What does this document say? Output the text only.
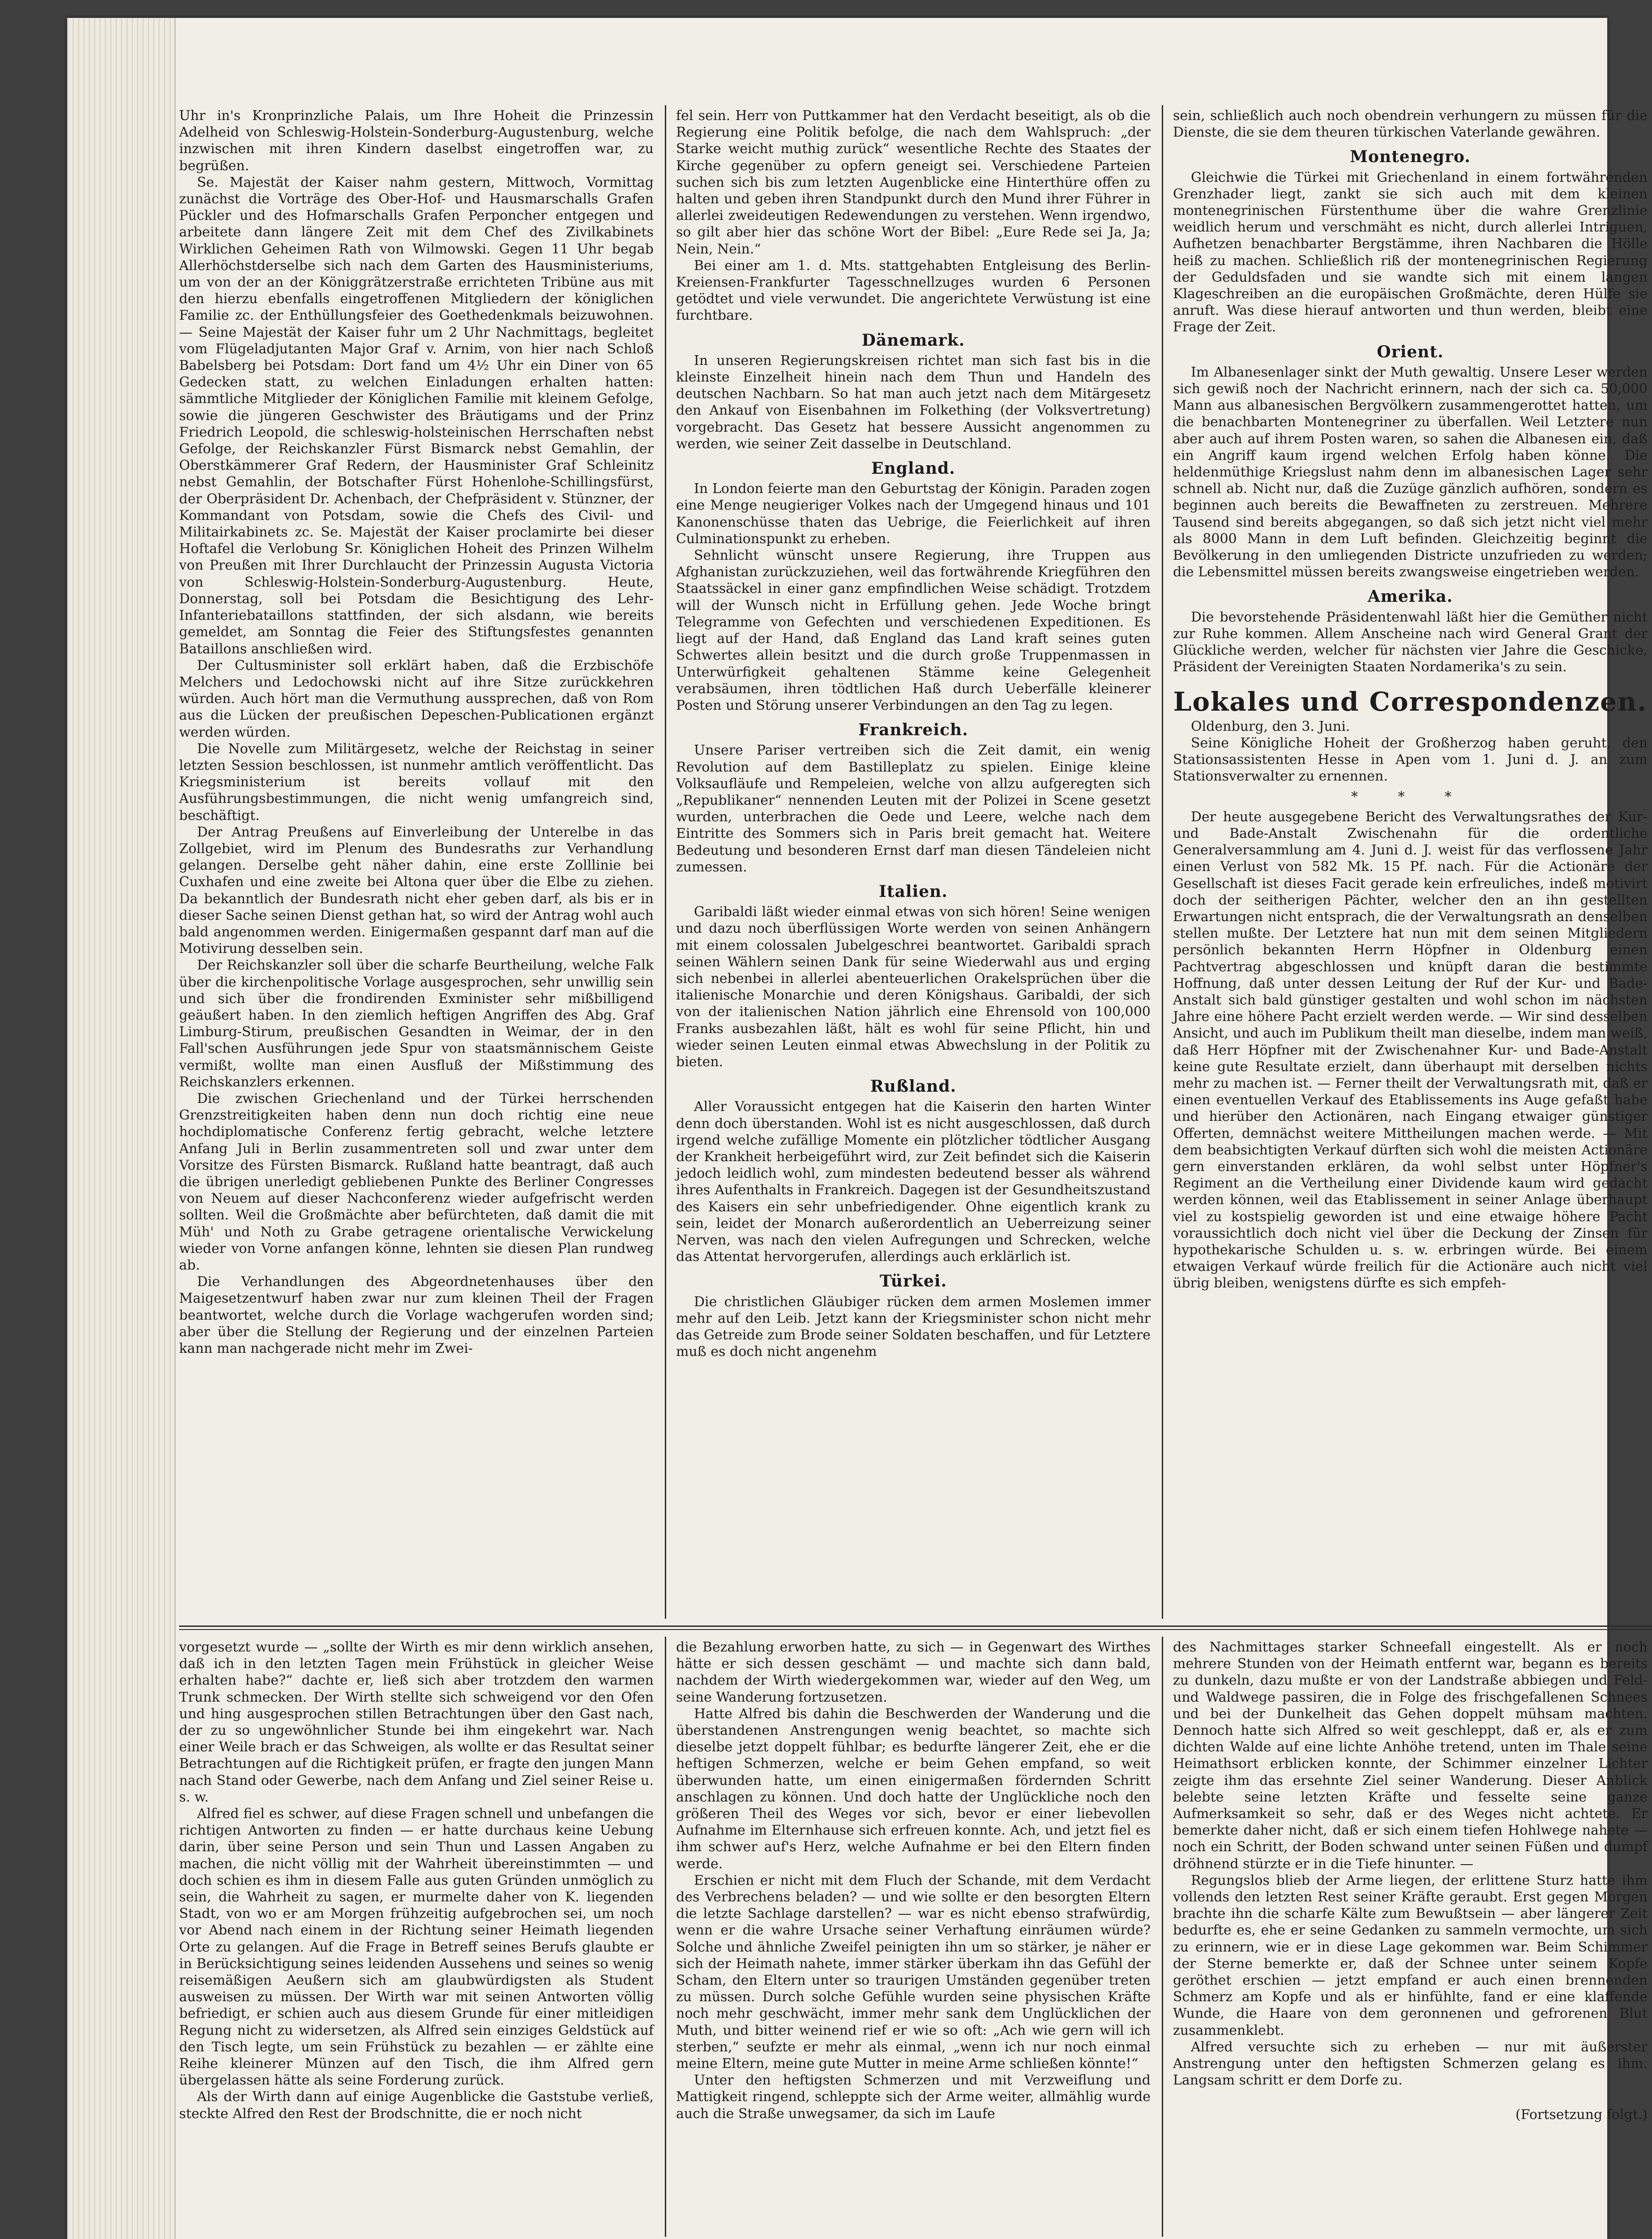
Uhr in's Kronprinzliche Palais, um Ihre Hoheit die Prinzessin Adelheid von Schleswig-Holstein-Sonderburg-Augustenburg, welche inzwischen mit ihren Kindern daselbst eingetroffen war, zu begrüßen.

Se. Majestät der Kaiser nahm gestern, Mittwoch, Vormittag zunächst die Vorträge des Ober-Hof- und Hausmarschalls Grafen Pückler und des Hofmarschalls Grafen Perponcher entgegen und arbeitete dann längere Zeit mit dem Chef des Zivilkabinets Wirklichen Geheimen Rath von Wilmowski. Gegen 11 Uhr begab Allerhöchstderselbe sich nach dem Garten des Hausministeriums, um von der an der Königgrätzerstraße errichteten Tribüne aus mit den hierzu ebenfalls eingetroffenen Mitgliedern der königlichen Familie zc. der Enthüllungsfeier des Goethedenkmals beizuwohnen. — Seine Majestät der Kaiser fuhr um 2 Uhr Nachmittags, begleitet vom Flügeladjutanten Major Graf v. Arnim, von hier nach Schloß Babelsberg bei Potsdam: Dort fand um 4½ Uhr ein Diner von 65 Gedecken statt, zu welchen Einladungen erhalten hatten: sämmtliche Mitglieder der Königlichen Familie mit kleinem Gefolge, sowie die jüngeren Geschwister des Bräutigams und der Prinz Friedrich Leopold, die schleswig-holsteinischen Herrschaften nebst Gefolge, der Reichskanzler Fürst Bismarck nebst Gemahlin, der Oberstkämmerer Graf Redern, der Hausminister Graf Schleinitz nebst Gemahlin, der Botschafter Fürst Hohenlohe-Schillingsfürst, der Oberpräsident Dr. Achenbach, der Chefpräsident v. Stünzner, der Kommandant von Potsdam, sowie die Chefs des Civil- und Militairkabinets zc. Se. Majestät der Kaiser proclamirte bei dieser Hoftafel die Verlobung Sr. Königlichen Hoheit des Prinzen Wilhelm von Preußen mit Ihrer Durchlaucht der Prinzessin Augusta Victoria von Schleswig-Holstein-Sonderburg-Augustenburg. Heute, Donnerstag, soll bei Potsdam die Besichtigung des Lehr-Infanteriebataillons stattfinden, der sich alsdann, wie bereits gemeldet, am Sonntag die Feier des Stiftungsfestes genannten Bataillons anschließen wird.

Der Cultusminister soll erklärt haben, daß die Erzbischöfe Melchers und Ledochowski nicht auf ihre Sitze zurückkehren würden. Auch hört man die Vermuthung aussprechen, daß von Rom aus die Lücken der preußischen Depeschen-Publicationen ergänzt werden würden.

Die Novelle zum Militärgesetz, welche der Reichstag in seiner letzten Session beschlossen, ist nunmehr amtlich veröffentlicht. Das Kriegsministerium ist bereits vollauf mit den Ausführungsbestimmungen, die nicht wenig umfangreich sind, beschäftigt.

Der Antrag Preußens auf Einverleibung der Unterelbe in das Zollgebiet, wird im Plenum des Bundesraths zur Verhandlung gelangen. Derselbe geht näher dahin, eine erste Zolllinie bei Cuxhafen und eine zweite bei Altona quer über die Elbe zu ziehen. Da bekanntlich der Bundesrath nicht eher geben darf, als bis er in dieser Sache seinen Dienst gethan hat, so wird der Antrag wohl auch bald angenommen werden. Einigermaßen gespannt darf man auf die Motivirung desselben sein.

Der Reichskanzler soll über die scharfe Beurtheilung, welche Falk über die kirchenpolitische Vorlage ausgesprochen, sehr unwillig sein und sich über die frondirenden Exminister sehr mißbilligend geäußert haben. In den ziemlich heftigen Angriffen des Abg. Graf Limburg-Stirum, preußischen Gesandten in Weimar, der in den Fall'schen Ausführungen jede Spur von staatsmännischem Geiste vermißt, wollte man einen Ausfluß der Mißstimmung des Reichskanzlers erkennen.

Die zwischen Griechenland und der Türkei herrschenden Grenzstreitigkeiten haben denn nun doch richtig eine neue hochdiplomatische Conferenz fertig gebracht, welche letztere Anfang Juli in Berlin zusammentreten soll und zwar unter dem Vorsitze des Fürsten Bismarck. Rußland hatte beantragt, daß auch die übrigen unerledigt gebliebenen Punkte des Berliner Congresses von Neuem auf dieser Nachconferenz wieder aufgefrischt werden sollten. Weil die Großmächte aber befürchteten, daß damit die mit Müh' und Noth zu Grabe getragene orientalische Verwickelung wieder von Vorne anfangen könne, lehnten sie diesen Plan rundweg ab.

Die Verhandlungen des Abgeordnetenhauses über den Maigesetzentwurf haben zwar nur zum kleinen Theil der Fragen beantwortet, welche durch die Vorlage wachgerufen worden sind; aber über die Stellung der Regierung und der einzelnen Parteien kann man nachgerade nicht mehr im Zwei-

fel sein. Herr von Puttkammer hat den Verdacht beseitigt, als ob die Regierung eine Politik befolge, die nach dem Wahlspruch: „der Starke weicht muthig zurück“ wesentliche Rechte des Staates der Kirche gegenüber zu opfern geneigt sei. Verschiedene Parteien suchen sich bis zum letzten Augenblicke eine Hinterthüre offen zu halten und geben ihren Standpunkt durch den Mund ihrer Führer in allerlei zweideutigen Redewendungen zu verstehen. Wenn irgendwo, so gilt aber hier das schöne Wort der Bibel: „Eure Rede sei Ja, Ja; Nein, Nein.“

Bei einer am 1. d. Mts. stattgehabten Entgleisung des Berlin-Kreiensen-Frankfurter Tagesschnellzuges wurden 6 Personen getödtet und viele verwundet. Die angerichtete Verwüstung ist eine furchtbare.

Dänemark.

In unseren Regierungskreisen richtet man sich fast bis in die kleinste Einzelheit hinein nach dem Thun und Handeln des deutschen Nachbarn. So hat man auch jetzt nach dem Mitärgesetz den Ankauf von Eisenbahnen im Folkething (der Volksvertretung) vorgebracht. Das Gesetz hat bessere Aussicht angenommen zu werden, wie seiner Zeit dasselbe in Deutschland.

England.

In London feierte man den Geburtstag der Königin. Paraden zogen eine Menge neugieriger Volkes nach der Umgegend hinaus und 101 Kanonenschüsse thaten das Uebrige, die Feierlichkeit auf ihren Culminationspunkt zu erheben.

Sehnlicht wünscht unsere Regierung, ihre Truppen aus Afghanistan zurückzuziehen, weil das fortwährende Kriegführen den Staatssäckel in einer ganz empfindlichen Weise schädigt. Trotzdem will der Wunsch nicht in Erfüllung gehen. Jede Woche bringt Telegramme von Gefechten und verschiedenen Expeditionen. Es liegt auf der Hand, daß England das Land kraft seines guten Schwertes allein besitzt und die durch große Truppenmassen in Unterwürfigkeit gehaltenen Stämme keine Gelegenheit verabsäumen, ihren tödtlichen Haß durch Ueberfälle kleinerer Posten und Störung unserer Verbindungen an den Tag zu legen.

Frankreich.

Unsere Pariser vertreiben sich die Zeit damit, ein wenig Revolution auf dem Bastilleplatz zu spielen. Einige kleine Volksaufläufe und Rempeleien, welche von allzu aufgeregten sich „Republikaner“ nennenden Leuten mit der Polizei in Scene gesetzt wurden, unterbrachen die Oede und Leere, welche nach dem Eintritte des Sommers sich in Paris breit gemacht hat. Weitere Bedeutung und besonderen Ernst darf man diesen Tändeleien nicht zumessen.

Italien.

Garibaldi läßt wieder einmal etwas von sich hören! Seine wenigen und dazu noch überflüssigen Worte werden von seinen Anhängern mit einem colossalen Jubelgeschrei beantwortet. Garibaldi sprach seinen Wählern seinen Dank für seine Wiederwahl aus und erging sich nebenbei in allerlei abenteuerlichen Orakelsprüchen über die italienische Monarchie und deren Königshaus. Garibaldi, der sich von der italienischen Nation jährlich eine Ehrensold von 100,000 Franks ausbezahlen läßt, hält es wohl für seine Pflicht, hin und wieder seinen Leuten einmal etwas Abwechslung in der Politik zu bieten.

Rußland.

Aller Voraussicht entgegen hat die Kaiserin den harten Winter denn doch überstanden. Wohl ist es nicht ausgeschlossen, daß durch irgend welche zufällige Momente ein plötzlicher tödtlicher Ausgang der Krankheit herbeigeführt wird, zur Zeit befindet sich die Kaiserin jedoch leidlich wohl, zum mindesten bedeutend besser als während ihres Aufenthalts in Frankreich. Dagegen ist der Gesundheitszustand des Kaisers ein sehr unbefriedigender. Ohne eigentlich krank zu sein, leidet der Monarch außerordentlich an Ueberreizung seiner Nerven, was nach den vielen Aufregungen und Schrecken, welche das Attentat hervorgerufen, allerdings auch erklärlich ist.

Türkei.

Die christlichen Gläubiger rücken dem armen Moslemen immer mehr auf den Leib. Jetzt kann der Kriegsminister schon nicht mehr das Getreide zum Brode seiner Soldaten beschaffen, und für Letztere muß es doch nicht angenehm

sein, schließlich auch noch obendrein verhungern zu müssen für die Dienste, die sie dem theuren türkischen Vaterlande gewähren.

Montenegro.

Gleichwie die Türkei mit Griechenland in einem fortwährenden Grenzhader liegt, zankt sie sich auch mit dem kleinen montenegrinischen Fürstenthume über die wahre Grenzlinie weidlich herum und verschmäht es nicht, durch allerlei Intriguen, Aufhetzen benachbarter Bergstämme, ihren Nachbaren die Hölle heiß zu machen. Schließlich riß der montenegrinischen Regierung der Geduldsfaden und sie wandte sich mit einem langen Klageschreiben an die europäischen Großmächte, deren Hülfe sie anruft. Was diese hierauf antworten und thun werden, bleibt eine Frage der Zeit.

Orient.

Im Albanesenlager sinkt der Muth gewaltig. Unsere Leser werden sich gewiß noch der Nachricht erinnern, nach der sich ca. 50,000 Mann aus albanesischen Bergvölkern zusammengerottet hatten, um die benachbarten Montenegriner zu überfallen. Weil Letztere nun aber auch auf ihrem Posten waren, so sahen die Albanesen ein, daß ein Angriff kaum irgend welchen Erfolg haben könne. Die heldenmüthige Kriegslust nahm denn im albanesischen Lager sehr schnell ab. Nicht nur, daß die Zuzüge gänzlich aufhören, sondern es beginnen auch bereits die Bewaffneten zu zerstreuen. Mehrere Tausend sind bereits abgegangen, so daß sich jetzt nicht viel mehr als 8000 Mann in dem Luft befinden. Gleichzeitig beginnt die Bevölkerung in den umliegenden Districte unzufrieden zu werden; die Lebensmittel müssen bereits zwangsweise eingetrieben werden.

Amerika.

Die bevorstehende Präsidentenwahl läßt hier die Gemüther nicht zur Ruhe kommen. Allem Anscheine nach wird General Grant der Glückliche werden, welcher für nächsten vier Jahre die Geschicke, Präsident der Vereinigten Staaten Nordamerika's zu sein.

Lokales und Correspondenzen.

Oldenburg, den 3. Juni.

Seine Königliche Hoheit der Großherzog haben geruht, den Stationsassistenten Hesse in Apen vom 1. Juni d. J. an zum Stationsverwalter zu ernennen.

* * *

Der heute ausgegebene Bericht des Verwaltungsrathes der Kur- und Bade-Anstalt Zwischenahn für die ordentliche Generalversammlung am 4. Juni d. J. weist für das verflossene Jahr einen Verlust von 582 Mk. 15 Pf. nach. Für die Actionäre der Gesellschaft ist dieses Facit gerade kein erfreuliches, indeß motivirt doch der seitherigen Pächter, welcher den an ihn gestellten Erwartungen nicht entsprach, die der Verwaltungsrath an denselben stellen mußte. Der Letztere hat nun mit dem seinen Mitgliedern persönlich bekannten Herrn Höpfner in Oldenburg einen Pachtvertrag abgeschlossen und knüpft daran die bestimmte Hoffnung, daß unter dessen Leitung der Ruf der Kur- und Bade-Anstalt sich bald günstiger gestalten und wohl schon im nächsten Jahre eine höhere Pacht erzielt werden werde. — Wir sind desselben Ansicht, und auch im Publikum theilt man dieselbe, indem man weiß, daß Herr Höpfner mit der Zwischenahner Kur- und Bade-Anstalt keine gute Resultate erzielt, dann überhaupt mit derselben nichts mehr zu machen ist. — Ferner theilt der Verwaltungsrath mit, daß er einen eventuellen Verkauf des Etablissements ins Auge gefaßt habe und hierüber den Actionären, nach Eingang etwaiger günstiger Offerten, demnächst weitere Mittheilungen machen werde. — Mit dem beabsichtigten Verkauf dürften sich wohl die meisten Actionäre gern einverstanden erklären, da wohl selbst unter Höpfner's Regiment an die Vertheilung einer Dividende kaum wird gedacht werden können, weil das Etablissement in seiner Anlage überhaupt viel zu kostspielig geworden ist und eine etwaige höhere Pacht voraussichtlich doch nicht viel über die Deckung der Zinsen für hypothekarische Schulden u. s. w. erbringen würde. Bei einem etwaigen Verkauf würde freilich für die Actionäre auch nicht viel übrig bleiben, wenigstens dürfte es sich empfeh-

vorgesetzt wurde — „sollte der Wirth es mir denn wirklich ansehen, daß ich in den letzten Tagen mein Frühstück in gleicher Weise erhalten habe?“ dachte er, ließ sich aber trotzdem den warmen Trunk schmecken. Der Wirth stellte sich schweigend vor den Ofen und hing ausgesprochen stillen Betrachtungen über den Gast nach, der zu so ungewöhnlicher Stunde bei ihm eingekehrt war. Nach einer Weile brach er das Schweigen, als wollte er das Resultat seiner Betrachtungen auf die Richtigkeit prüfen, er fragte den jungen Mann nach Stand oder Gewerbe, nach dem Anfang und Ziel seiner Reise u. s. w.

Alfred fiel es schwer, auf diese Fragen schnell und unbefangen die richtigen Antworten zu finden — er hatte durchaus keine Uebung darin, über seine Person und sein Thun und Lassen Angaben zu machen, die nicht völlig mit der Wahrheit übereinstimmten — und doch schien es ihm in diesem Falle aus guten Gründen unmöglich zu sein, die Wahrheit zu sagen, er murmelte daher von K. liegenden Stadt, von wo er am Morgen frühzeitig aufgebrochen sei, um noch vor Abend nach einem in der Richtung seiner Heimath liegenden Orte zu gelangen. Auf die Frage in Betreff seines Berufs glaubte er in Berücksichtigung seines leidenden Aussehens und seines so wenig reisemäßigen Aeußern sich am glaubwürdigsten als Student ausweisen zu müssen. Der Wirth war mit seinen Antworten völlig befriedigt, er schien auch aus diesem Grunde für einer mitleidigen Regung nicht zu widersetzen, als Alfred sein einziges Geldstück auf den Tisch legte, um sein Frühstück zu bezahlen — er zählte eine Reihe kleinerer Münzen auf den Tisch, die ihm Alfred gern übergelassen hätte als seine Forderung zurück.

Als der Wirth dann auf einige Augenblicke die Gaststube verließ, steckte Alfred den Rest der Brodschnitte, die er noch nicht

die Bezahlung erworben hatte, zu sich — in Gegenwart des Wirthes hätte er sich dessen geschämt — und machte sich dann bald, nachdem der Wirth wiedergekommen war, wieder auf den Weg, um seine Wanderung fortzusetzen.

Hatte Alfred bis dahin die Beschwerden der Wanderung und die überstandenen Anstrengungen wenig beachtet, so machte sich dieselbe jetzt doppelt fühlbar; es bedurfte längerer Zeit, ehe er die heftigen Schmerzen, welche er beim Gehen empfand, so weit überwunden hatte, um einen einigermaßen fördernden Schritt anschlagen zu können. Und doch hatte der Unglückliche noch den größeren Theil des Weges vor sich, bevor er einer liebevollen Aufnahme im Elternhause sich erfreuen konnte. Ach, und jetzt fiel es ihm schwer auf's Herz, welche Aufnahme er bei den Eltern finden werde.

Erschien er nicht mit dem Fluch der Schande, mit dem Verdacht des Verbrechens beladen? — und wie sollte er den besorgten Eltern die letzte Sachlage darstellen? — war es nicht ebenso strafwürdig, wenn er die wahre Ursache seiner Verhaftung einräumen würde? Solche und ähnliche Zweifel peinigten ihn um so stärker, je näher er sich der Heimath nahete, immer stärker überkam ihn das Gefühl der Scham, den Eltern unter so traurigen Umständen gegenüber treten zu müssen. Durch solche Gefühle wurden seine physischen Kräfte noch mehr geschwächt, immer mehr sank dem Unglücklichen der Muth, und bitter weinend rief er wie so oft: „Ach wie gern will ich sterben,“ seufzte er mehr als einmal, „wenn ich nur noch einmal meine Eltern, meine gute Mutter in meine Arme schließen könnte!“

Unter den heftigsten Schmerzen und mit Verzweiflung und Mattigkeit ringend, schleppte sich der Arme weiter, allmählig wurde auch die Straße unwegsamer, da sich im Laufe

des Nachmittages starker Schneefall eingestellt. Als er noch mehrere Stunden von der Heimath entfernt war, begann es bereits zu dunkeln, dazu mußte er von der Landstraße abbiegen und Feld- und Waldwege passiren, die in Folge des frischgefallenen Schnees und bei der Dunkelheit das Gehen doppelt mühsam machten. Dennoch hatte sich Alfred so weit geschleppt, daß er, als er zum dichten Walde auf eine lichte Anhöhe tretend, unten im Thale seine Heimathsort erblicken konnte, der Schimmer einzelner Lichter zeigte ihm das ersehnte Ziel seiner Wanderung. Dieser Anblick belebte seine letzten Kräfte und fesselte seine ganze Aufmerksamkeit so sehr, daß er des Weges nicht achtete. Er bemerkte daher nicht, daß er sich einem tiefen Hohlwege nahete — noch ein Schritt, der Boden schwand unter seinen Füßen und dumpf dröhnend stürzte er in die Tiefe hinunter. —

Regungslos blieb der Arme liegen, der erlittene Sturz hatte ihm vollends den letzten Rest seiner Kräfte geraubt. Erst gegen Morgen brachte ihn die scharfe Kälte zum Bewußtsein — aber längerer Zeit bedurfte es, ehe er seine Gedanken zu sammeln vermochte, um sich zu erinnern, wie er in diese Lage gekommen war. Beim Schimmer der Sterne bemerkte er, daß der Schnee unter seinem Kopfe geröthet erschien — jetzt empfand er auch einen brennenden Schmerz am Kopfe und als er hinfühlte, fand er eine klaffende Wunde, die Haare von dem geronnenen und gefrorenen Blut zusammenklebt.

Alfred versuchte sich zu erheben — nur mit äußerster Anstrengung unter den heftigsten Schmerzen gelang es ihm. Langsam schritt er dem Dorfe zu.

(Fortsetzung folgt.)
